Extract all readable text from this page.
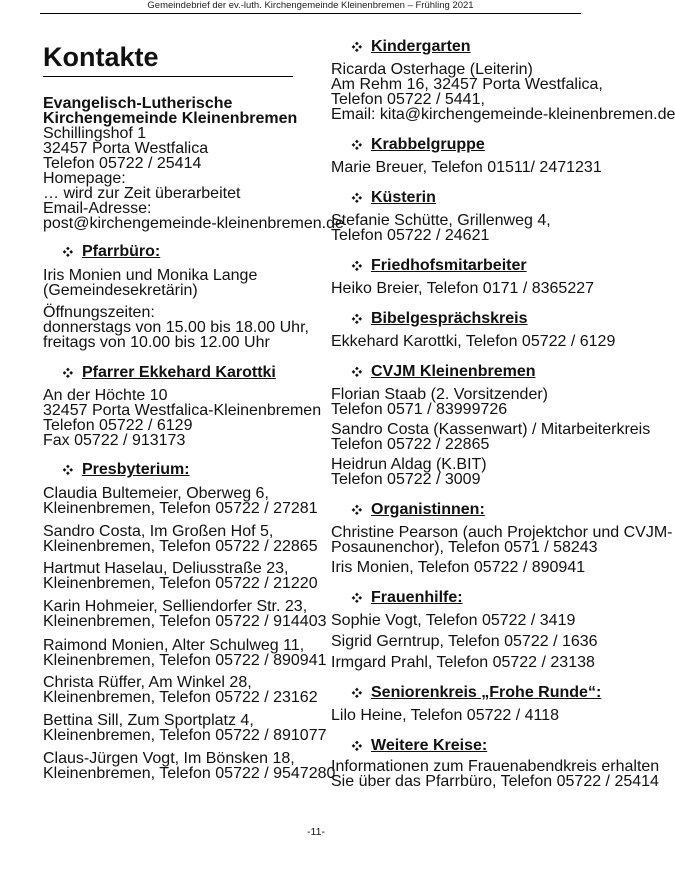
Gemeindebrief der ev.-luth. Kirchengemeinde Kleinenbremen – Frühling 2021
Kontakte
Evangelisch-Lutherische
Kirchengemeinde Kleinenbremen
Schillingshof 1
32457 Porta Westfalica
Telefon 05722 / 25414
Homepage:
… wird zur Zeit überarbeitet
Email-Adresse:
post@kirchengemeinde-kleinenbremen.de
Pfarrbüro:
Iris Monien und Monika Lange
(Gemeindesekretärin)
Öffnungszeiten:
donnerstags von 15.00 bis 18.00 Uhr,
freitags von 10.00 bis 12.00 Uhr
Pfarrer Ekkehard Karottki
An der Höchte 10
32457 Porta Westfalica-Kleinenbremen
Telefon 05722 / 6129
Fax 05722 / 913173
Presbyterium:
Claudia Bultemeier, Oberweg 6,
Kleinenbremen, Telefon 05722 / 27281
Sandro Costa, Im Großen Hof 5,
Kleinenbremen, Telefon 05722 / 22865
Hartmut Haselau, Deliusstraße 23,
Kleinenbremen, Telefon 05722 / 21220
Karin Hohmeier, Selliendorfer Str. 23,
Kleinenbremen, Telefon 05722 / 914403
Raimond Monien, Alter Schulweg 11,
Kleinenbremen, Telefon 05722 / 890941
Christa Rüffer, Am Winkel 28,
Kleinenbremen, Telefon 05722 / 23162
Bettina Sill, Zum Sportplatz 4,
Kleinenbremen, Telefon 05722 / 891077
Claus-Jürgen Vogt, Im Bönsken 18,
Kleinenbremen, Telefon 05722 / 9547280
Kindergarten
Ricarda Osterhage (Leiterin)
Am Rehm 16, 32457 Porta Westfalica,
Telefon 05722 / 5441,
Email: kita@kirchengemeinde-kleinenbremen.de
Krabbelgruppe
Marie Breuer, Telefon 01511/ 2471231
Küsterin
Stefanie Schütte, Grillenweg 4,
Telefon 05722 / 24621
Friedhofsmitarbeiter
Heiko Breier, Telefon 0171 / 8365227
Bibelgesprächskreis
Ekkehard Karottki, Telefon 05722 / 6129
CVJM Kleinenbremen
Florian Staab (2. Vorsitzender)
Telefon 0571 / 83999726
Sandro Costa (Kassenwart) / Mitarbeiterkreis
Telefon 05722 / 22865
Heidrun Aldag (K.BIT)
Telefon 05722 / 3009
Organistinnen:
Christine Pearson (auch Projektchor und CVJM-
Posaunenchor), Telefon 0571 / 58243
Iris Monien, Telefon 05722 / 890941
Frauenhilfe:
Sophie Vogt, Telefon 05722 / 3419
Sigrid Gerntrup, Telefon 05722 / 1636
Irmgard Prahl, Telefon 05722 / 23138
Seniorenkreis „Frohe Runde“:
Lilo Heine, Telefon 05722 / 4118
Weitere Kreise:
Informationen zum Frauenabendkreis erhalten
Sie über das Pfarrbüro, Telefon 05722 / 25414
-11-
